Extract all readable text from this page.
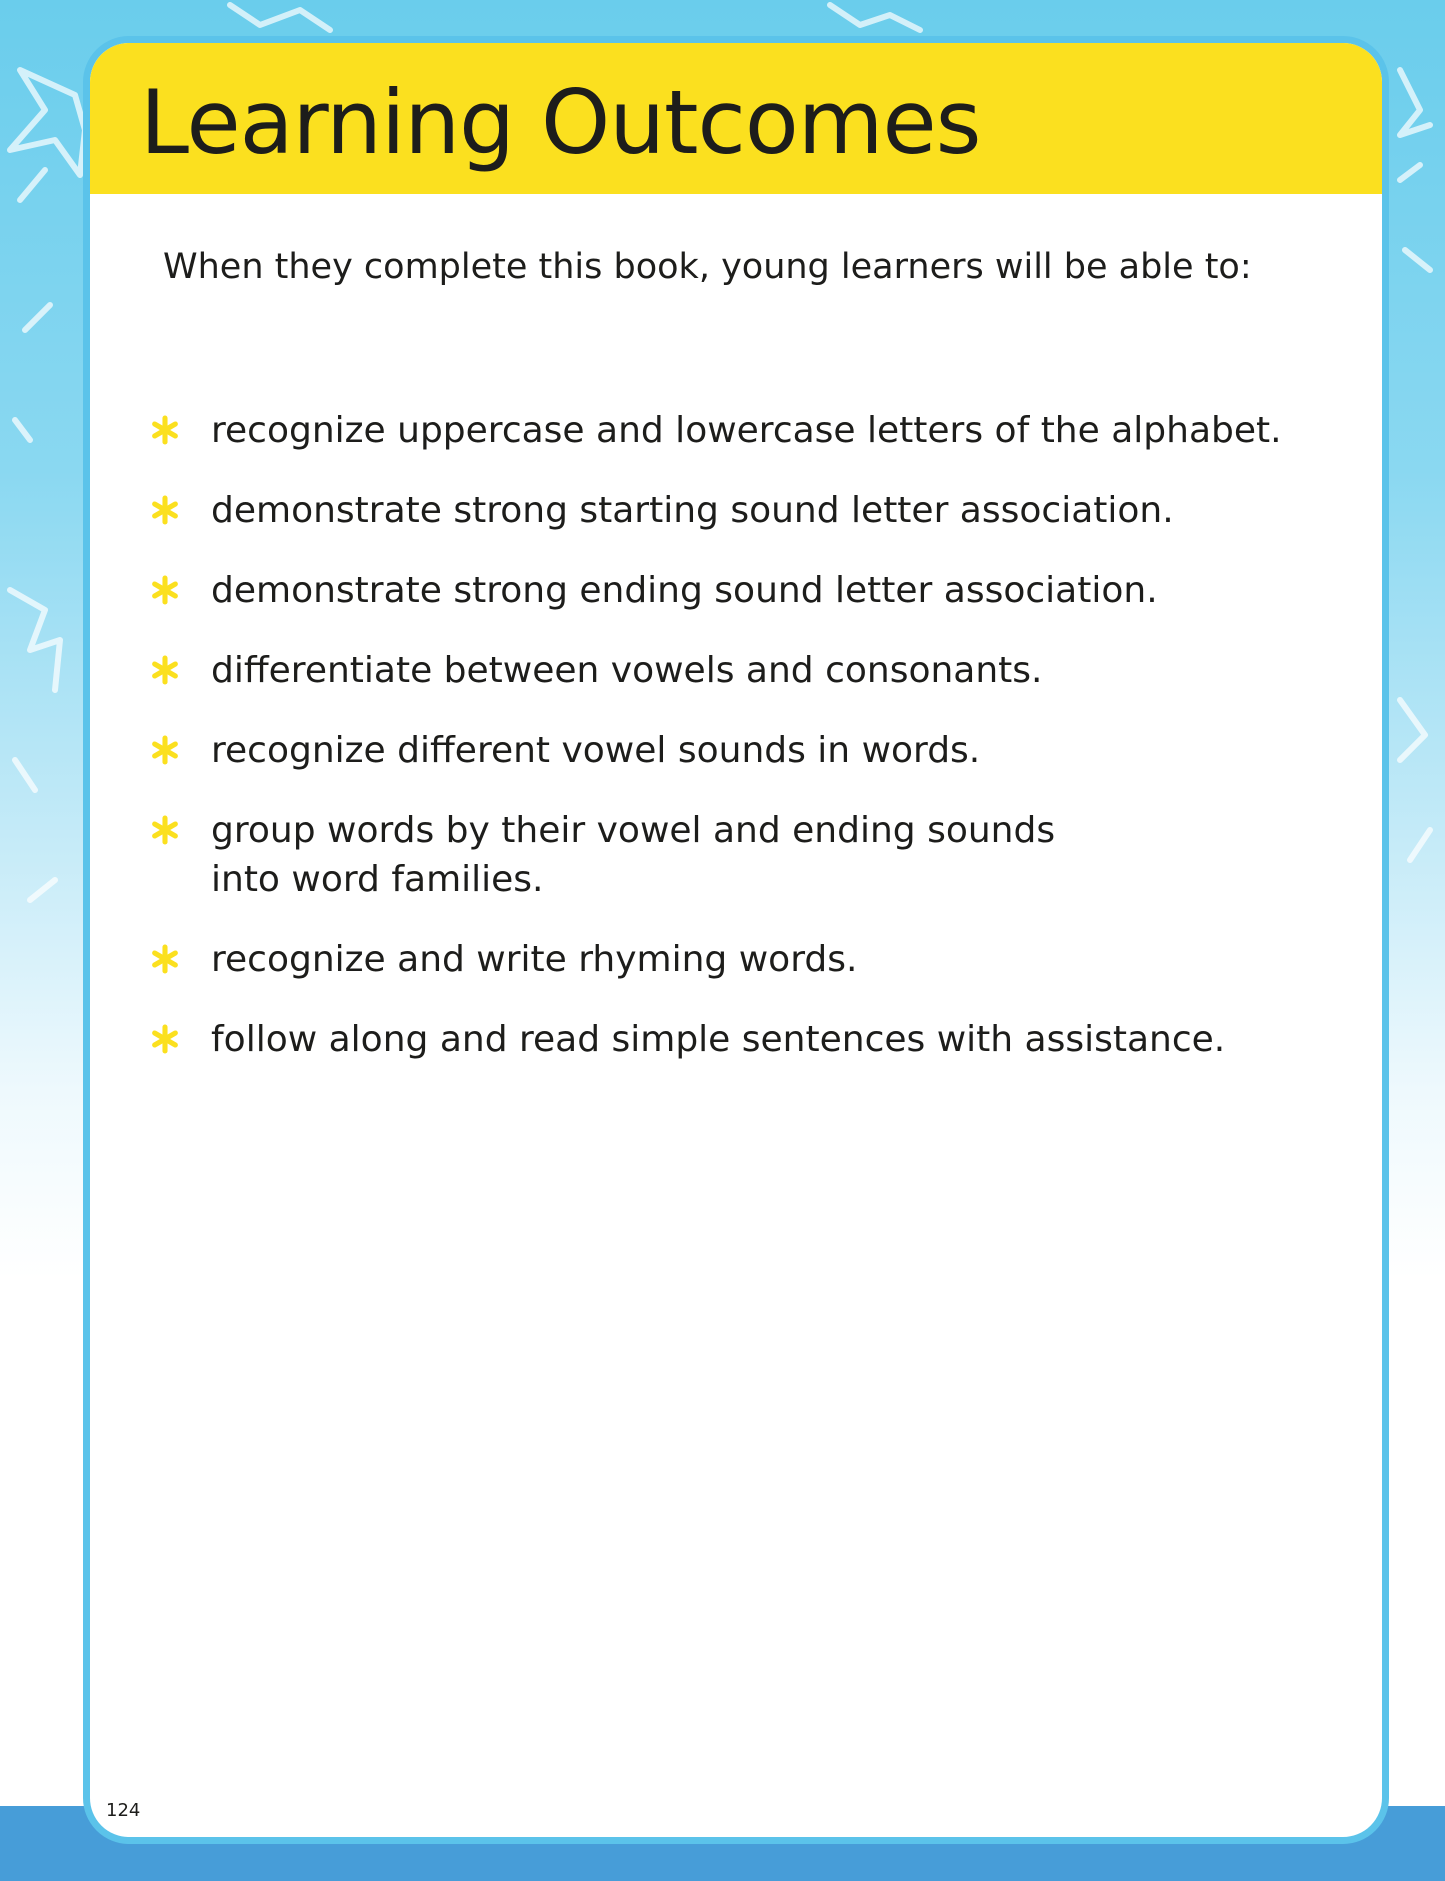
Learning Outcomes

When they complete this book, young learners will be able to:

recognize uppercase and lowercase letters of the alphabet.
demonstrate strong starting sound letter association.
demonstrate strong ending sound letter association.
differentiate between vowels and consonants.
recognize different vowel sounds in words.
group words by their vowel and ending sounds into word families.
recognize and write rhyming words.
follow along and read simple sentences with assistance.
124
